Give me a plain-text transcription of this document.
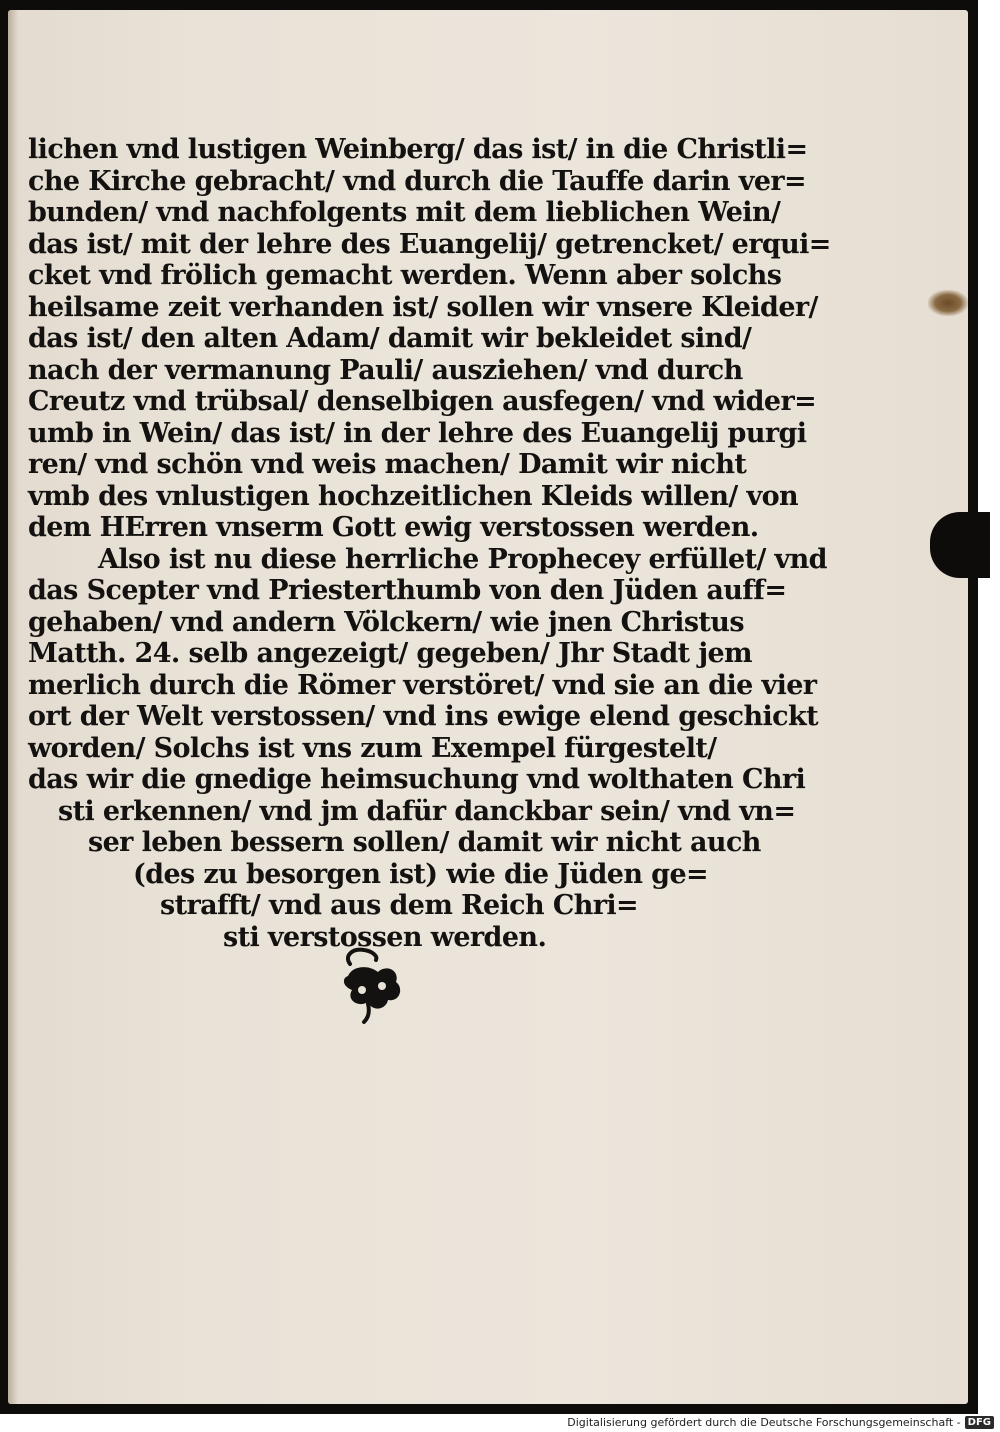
lichen vnd lustigen Weinberg/ das ist/ in die Christli=
che Kirche gebracht/ vnd durch die Tauffe darin ver=
bunden/ vnd nachfolgents mit dem lieblichen Wein/
das ist/ mit der lehre des Euangelij/ getrencket/ erqui=
cket vnd frölich gemacht werden. Wenn aber solchs
heilsame zeit verhanden ist/ sollen wir vnsere Kleider/
das ist/ den alten Adam/ damit wir bekleidet sind/
nach der vermanung Pauli/ ausziehen/ vnd durch
Creutz vnd trübsal/ denselbigen ausfegen/ vnd wider=
umb in Wein/ das ist/ in der lehre des Euangelij purgi
ren/ vnd schön vnd weis machen/ Damit wir nicht
vmb des vnlustigen hochzeitlichen Kleids willen/ von
dem HErren vnserm Gott ewig verstossen werden.
Also ist nu diese herrliche Prophecey erfüllet/ vnd
das Scepter vnd Priesterthumb von den Jüden auff=
gehaben/ vnd andern Völckern/ wie jnen Christus
Matth. 24. selb angezeigt/ gegeben/ Jhr Stadt jem
merlich durch die Römer verstöret/ vnd sie an die vier
ort der Welt verstossen/ vnd ins ewige elend geschickt
worden/ Solchs ist vns zum Exempel fürgestelt/
das wir die gnedige heimsuchung vnd wolthaten Chri
sti erkennen/ vnd jm dafür danckbar sein/ vnd vn=
ser leben bessern sollen/ damit wir nicht auch
(des zu besorgen ist) wie die Jüden ge=
strafft/ vnd aus dem Reich Chri=
sti verstossen werden.
Digitalisierung gefördert durch die Deutsche Forschungsgemeinschaft - DFG
